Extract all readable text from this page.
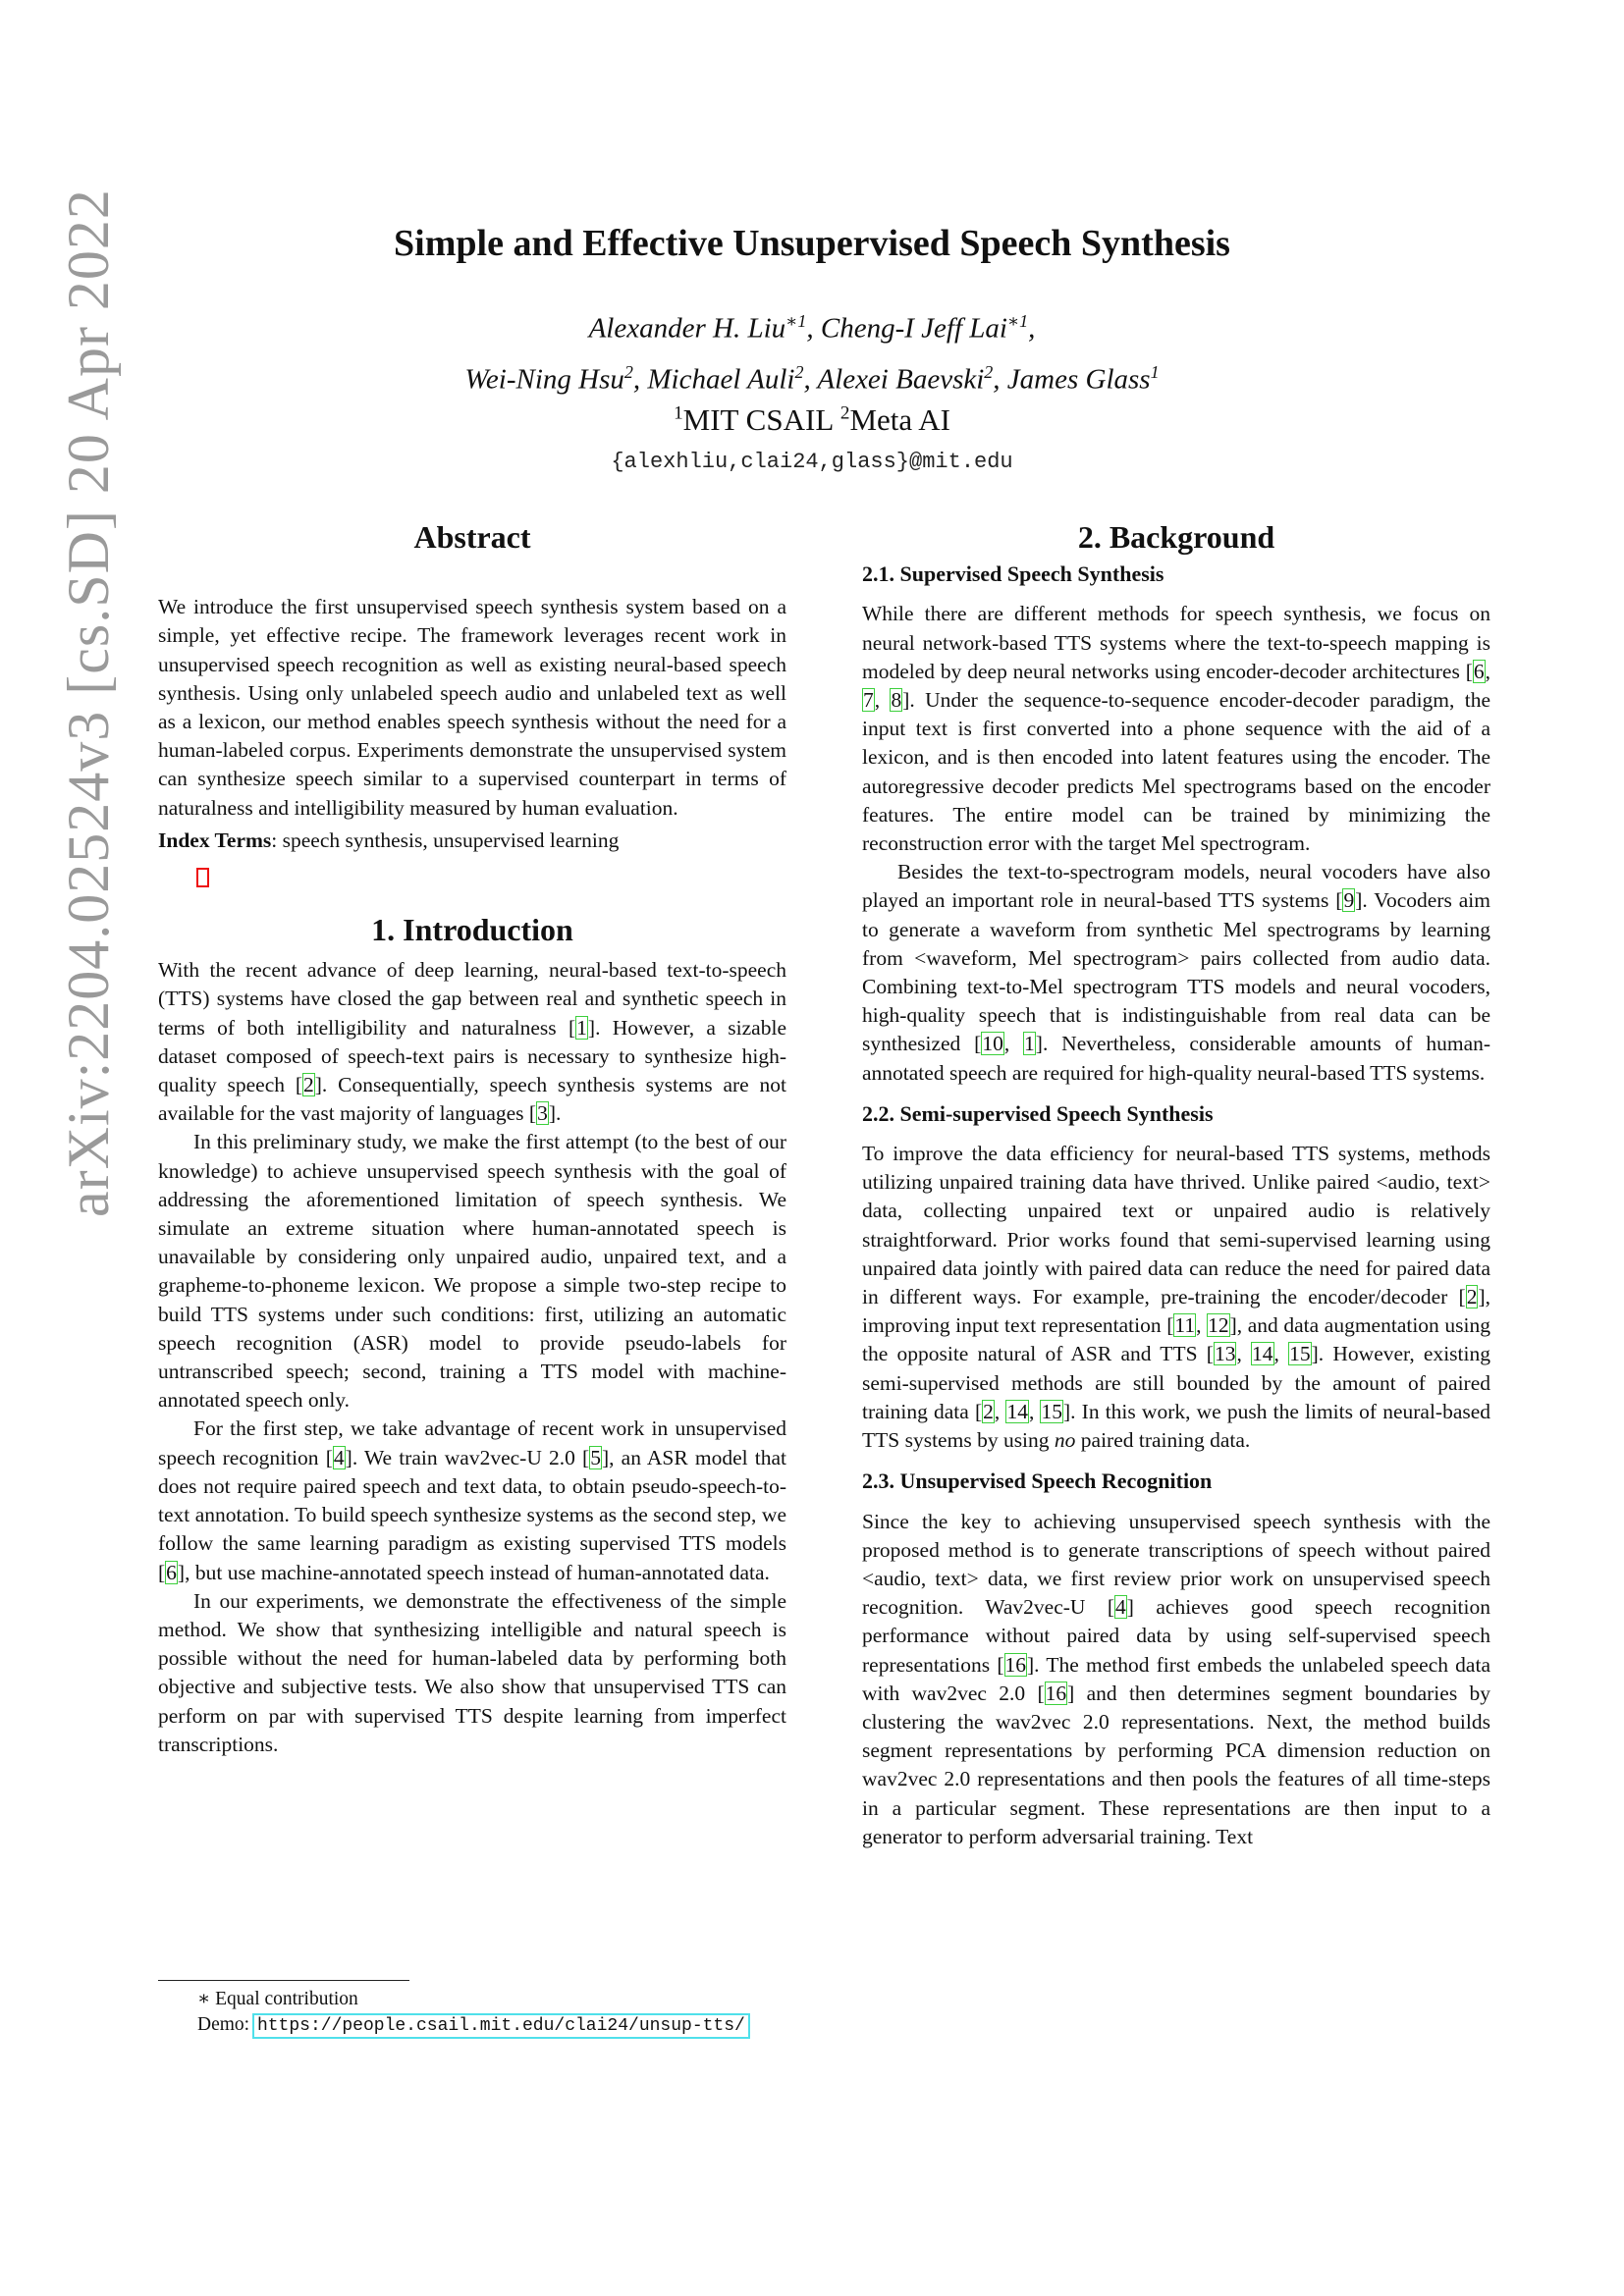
arXiv:2204.02524v3 [cs.SD] 20 Apr 2022	Simple and Effective Unsupervised Speech Synthesis
Alexander H. Liu$^{∗1}$, Cheng-I Jeff Lai$^{∗1}$,
Wei-Ning Hsu$^2$, Michael Auli$^2$, Alexei Baevski$^2$, James Glass$^1$
$^1$MIT CSAIL $^2$Meta AI
{alexhliu,clai24,glass}@mit.edu
Abstract

We introduce the first unsupervised speech synthesis system based on a simple, yet effective recipe. The framework leverages recent work in unsupervised speech recognition as well as existing neural-based speech synthesis. Using only unlabeled speech audio and unlabeled text as well as a lexicon, our method enables speech synthesis without the need for a human-labeled corpus. Experiments demonstrate the unsupervised system can synthesize speech similar to a supervised counterpart in terms of naturalness and intelligibility measured by human evaluation.

Index Terms: speech synthesis, unsupervised learning

1. Introduction

With the recent advance of deep learning, neural-based text-to-speech (TTS) systems have closed the gap between real and synthetic speech in terms of both intelligibility and naturalness [1]. However, a sizable dataset composed of speech-text pairs is necessary to synthesize high-quality speech [2]. Consequentially, speech synthesis systems are not available for the vast majority of languages [3].

In this preliminary study, we make the first attempt (to the best of our knowledge) to achieve unsupervised speech synthesis with the goal of addressing the aforementioned limitation of speech synthesis. We simulate an extreme situation where human-annotated speech is unavailable by considering only unpaired audio, unpaired text, and a grapheme-to-phoneme lexicon. We propose a simple two-step recipe to build TTS systems under such conditions: first, utilizing an automatic speech recognition (ASR) model to provide pseudo-labels for untranscribed speech; second, training a TTS model with machine-annotated speech only.

For the first step, we take advantage of recent work in unsupervised speech recognition [4]. We train wav2vec-U 2.0 [5], an ASR model that does not require paired speech and text data, to obtain pseudo-speech-to-text annotation. To build speech synthesize systems as the second step, we follow the same learning paradigm as existing supervised TTS models [6], but use machine-annotated speech instead of human-annotated data.

In our experiments, we demonstrate the effectiveness of the simple method. We show that synthesizing intelligible and natural speech is possible without the need for human-labeled data by performing both objective and subjective tests. We also show that unsupervised TTS can perform on par with supervised TTS despite learning from imperfect transcriptions.

∗ Equal contribution
Demo: https://people.csail.mit.edu/clai24/unsup-tts/
2. Background
2.1. Supervised Speech Synthesis

While there are different methods for speech synthesis, we focus on neural network-based TTS systems where the text-to-speech mapping is modeled by deep neural networks using encoder-decoder architectures [6, 7, 8]. Under the sequence-to-sequence encoder-decoder paradigm, the input text is first converted into a phone sequence with the aid of a lexicon, and is then encoded into latent features using the encoder. The autoregressive decoder predicts Mel spectrograms based on the encoder features. The entire model can be trained by minimizing the reconstruction error with the target Mel spectrogram.

Besides the text-to-spectrogram models, neural vocoders have also played an important role in neural-based TTS systems [9]. Vocoders aim to generate a waveform from synthetic Mel spectrograms by learning from <waveform, Mel spectrogram> pairs collected from audio data. Combining text-to-Mel spectrogram TTS models and neural vocoders, high-quality speech that is indistinguishable from real data can be synthesized [10, 1]. Nevertheless, considerable amounts of human-annotated speech are required for high-quality neural-based TTS systems.

2.2. Semi-supervised Speech Synthesis

To improve the data efficiency for neural-based TTS systems, methods utilizing unpaired training data have thrived. Unlike paired <audio, text> data, collecting unpaired text or unpaired audio is relatively straightforward. Prior works found that semi-supervised learning using unpaired data jointly with paired data can reduce the need for paired data in different ways. For example, pre-training the encoder/decoder [2], improving input text representation [11, 12], and data augmentation using the opposite natural of ASR and TTS [13, 14, 15]. However, existing semi-supervised methods are still bounded by the amount of paired training data [2, 14, 15]. In this work, we push the limits of neural-based TTS systems by using no paired training data.

2.3. Unsupervised Speech Recognition

Since the key to achieving unsupervised speech synthesis with the proposed method is to generate transcriptions of speech without paired <audio, text> data, we first review prior work on unsupervised speech recognition. Wav2vec-U [4] achieves good speech recognition performance without paired data by using self-supervised speech representations [16]. The method first embeds the unlabeled speech data with wav2vec 2.0 [16] and then determines segment boundaries by clustering the wav2vec 2.0 representations. Next, the method builds segment representations by performing PCA dimension reduction on wav2vec 2.0 representations and then pools the features of all time-steps in a particular segment. These representations are then input to a generator to perform adversarial training. Text
